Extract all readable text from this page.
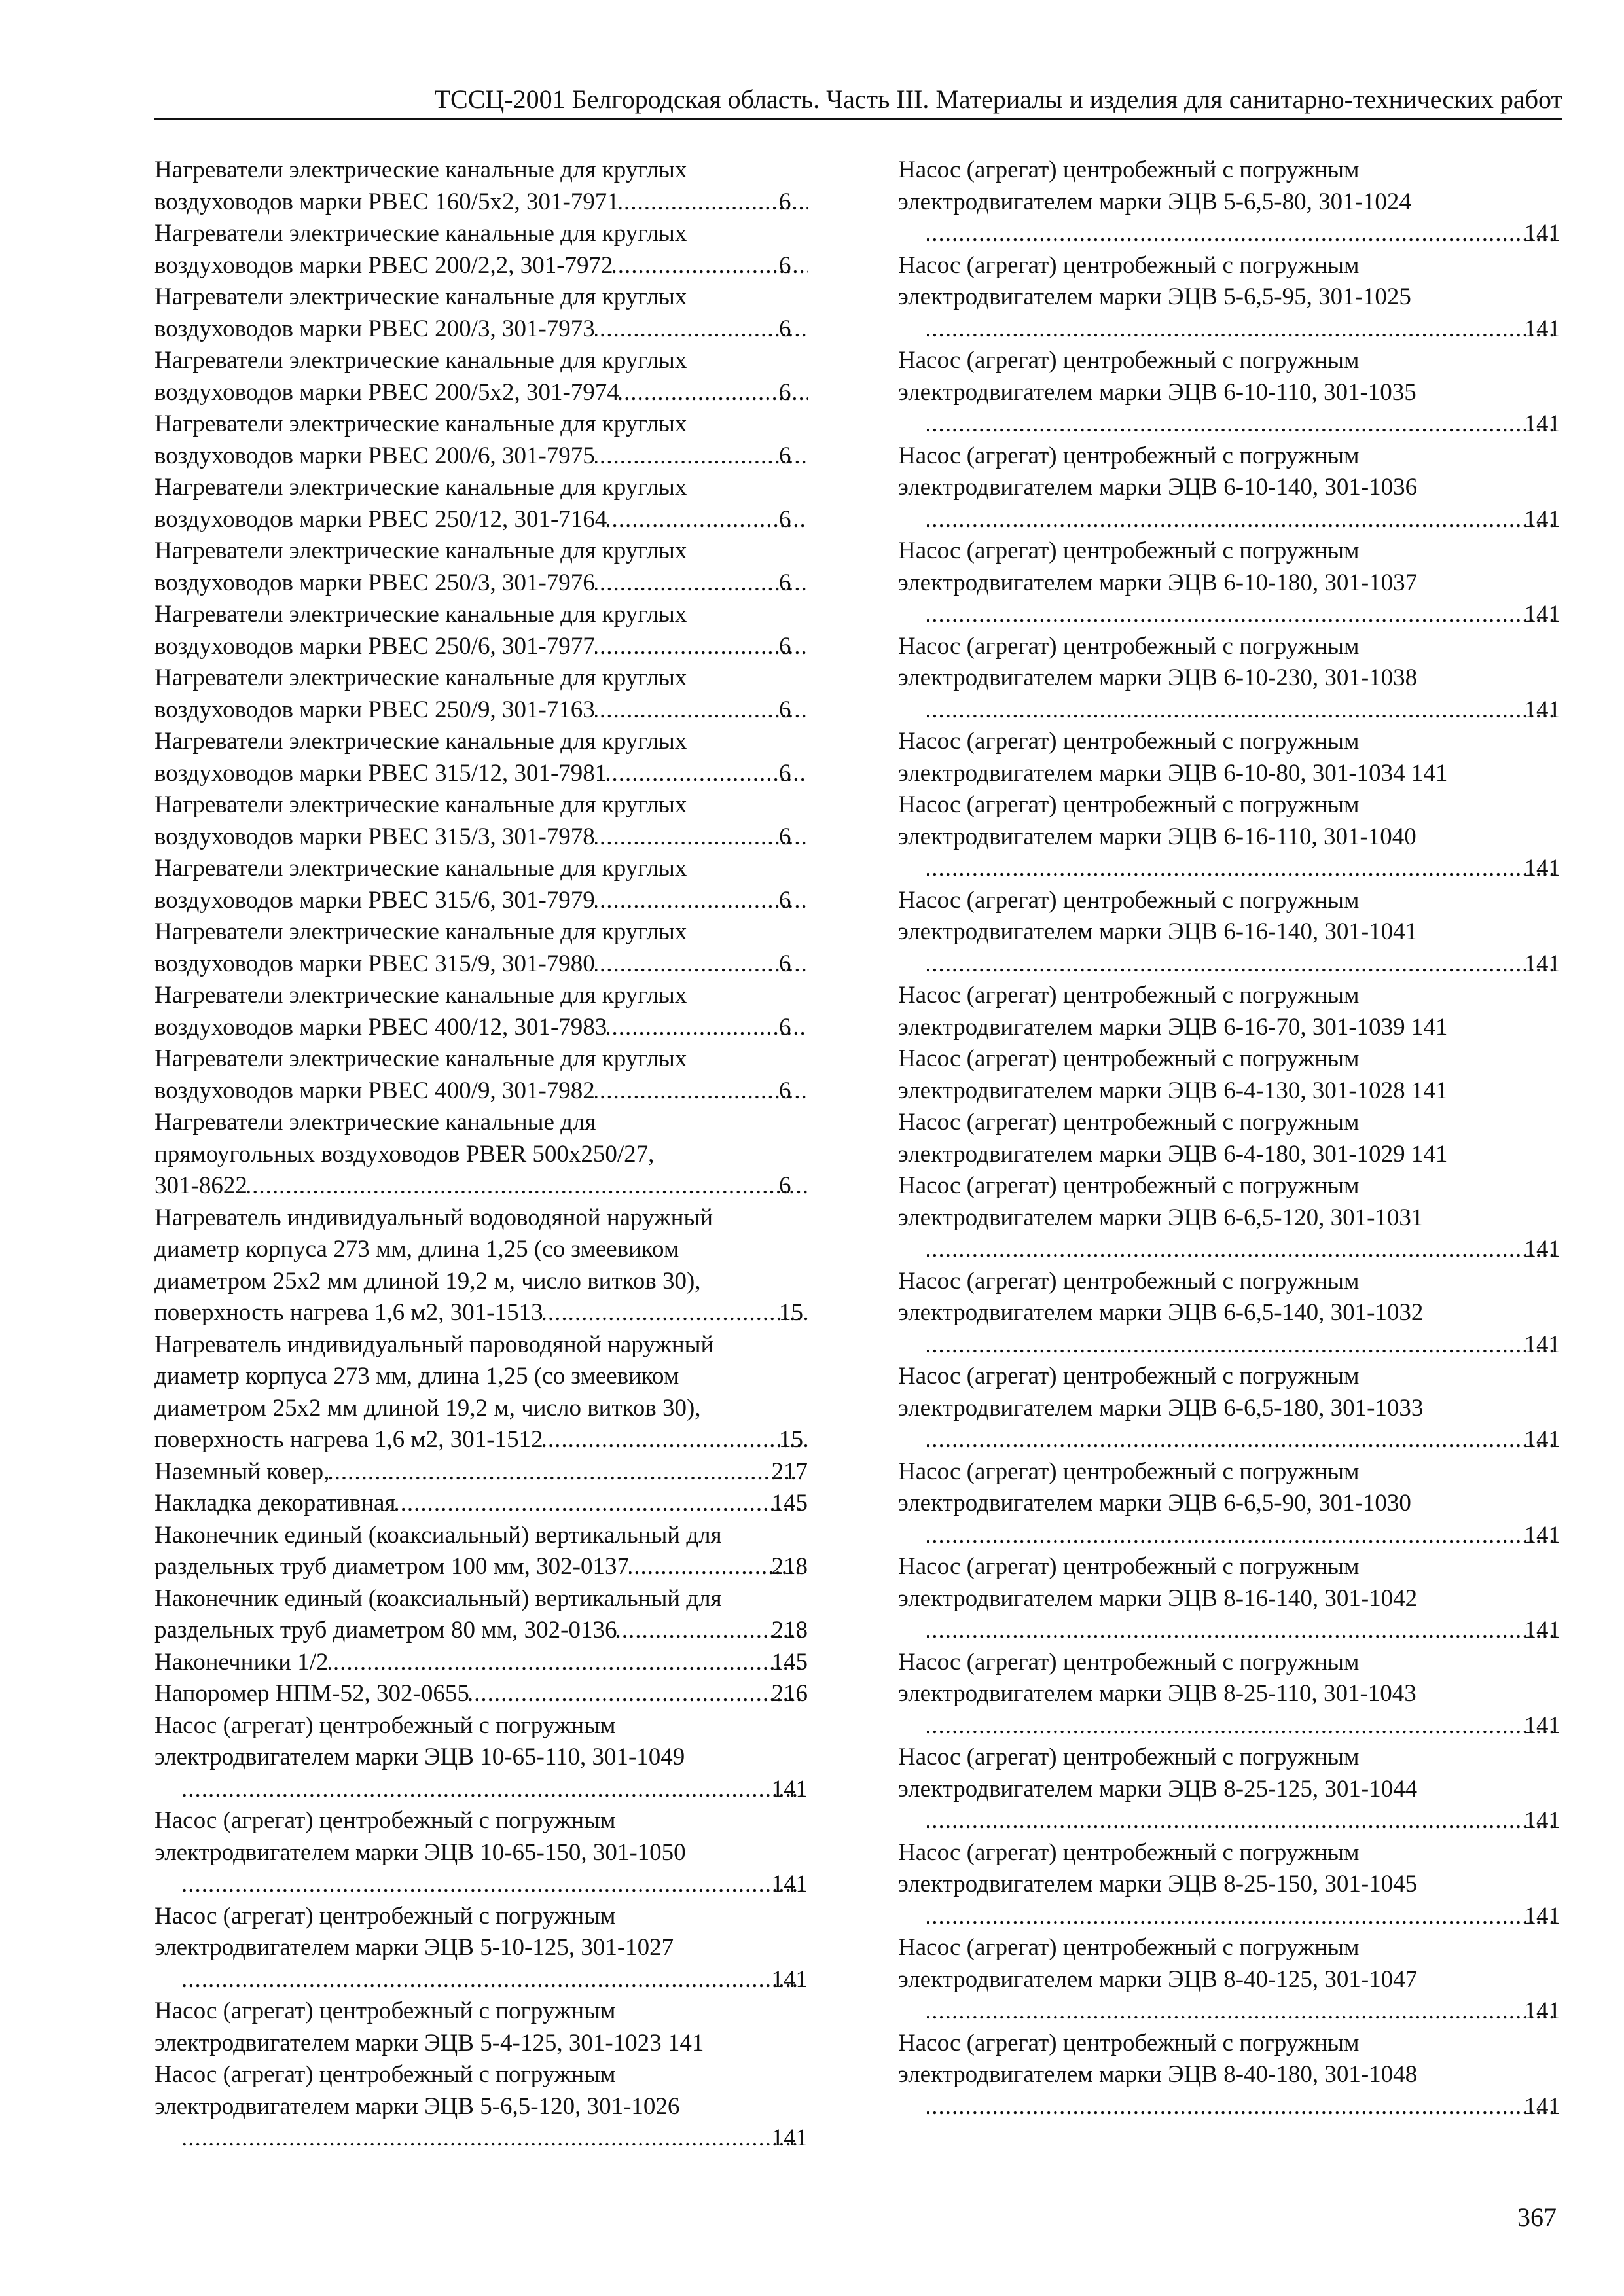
ТССЦ-2001 Белгородская область. Часть III. Материалы и изделия для санитарно-технических работ
Нагреватели электрические канальные для круглых
воздуховодов марки PBEC 160/5х2, 301-7971 .....	6
Нагреватели электрические канальные для круглых
воздуховодов марки PBEC 200/2,2, 301-7972 .....	6
Нагреватели электрические канальные для круглых
воздуховодов марки PBEC 200/3, 301-7973 .....	6
Нагреватели электрические канальные для круглых
воздуховодов марки PBEC 200/5х2, 301-7974 .....	6
Нагреватели электрические канальные для круглых
воздуховодов марки PBEC 200/6, 301-7975 .....	6
Нагреватели электрические канальные для круглых
воздуховодов марки PBEC 250/12, 301-7164 .....	6
Нагреватели электрические канальные для круглых
воздуховодов марки PBEC 250/3, 301-7976 .....	6
Нагреватели электрические канальные для круглых
воздуховодов марки PBEC 250/6, 301-7977 .....	6
Нагреватели электрические канальные для круглых
воздуховодов марки PBEC 250/9, 301-7163 .....	6
Нагреватели электрические канальные для круглых
воздуховодов марки PBEC 315/12, 301-7981 .....	6
Нагреватели электрические канальные для круглых
воздуховодов марки PBEC 315/3, 301-7978 .....	6
Нагреватели электрические канальные для круглых
воздуховодов марки PBEC 315/6, 301-7979 .....	6
Нагреватели электрические канальные для круглых
воздуховодов марки PBEC 315/9, 301-7980 .....	6
Нагреватели электрические канальные для круглых
воздуховодов марки PBEC 400/12, 301-7983 .....	6
Нагреватели электрические канальные для круглых
воздуховодов марки PBEC 400/9, 301-7982 .....	6
Нагреватели электрические канальные для
прямоугольных воздуховодов PBER 500х250/27,
301-8622 .....	6
Нагреватель индивидуальный водоводяной наружный
диаметр корпуса 273 мм, длина 1,25 (со змеевиком
диаметром 25х2 мм длиной 19,2 м, число витков 30),
поверхность нагрева 1,6 м2, 301-1513 .....	15
Нагреватель индивидуальный пароводяной наружный
диаметр корпуса 273 мм, длина 1,25 (со змеевиком
диаметром 25х2 мм длиной 19,2 м, число витков 30),
поверхность нагрева 1,6 м2, 301-1512 .....	15
Наземный ковер, .....	217
Накладка декоративная .....	145
Наконечник единый (коаксиальный) вертикальный для
раздельных труб диаметром 100 мм, 302-0137 .....	218
Наконечник единый (коаксиальный) вертикальный для
раздельных труб диаметром 80 мм, 302-0136 .....	218
Наконечники 1/2 .....	145
Напоромер НПМ-52, 302-0655 .....	216
Насос (агрегат) центробежный с погружным
электродвигателем марки ЭЦВ 10-65-110, 301-1049
.....
141
Насос (агрегат) центробежный с погружным
электродвигателем марки ЭЦВ 10-65-150, 301-1050
.....
141
Насос (агрегат) центробежный с погружным
электродвигателем марки ЭЦВ 5-10-125, 301-1027
.....
141
Насос (агрегат) центробежный с погружным
электродвигателем марки ЭЦВ 5-4-125, 301-1023 141
Насос (агрегат) центробежный с погружным
электродвигателем марки ЭЦВ 5-6,5-120, 301-1026
.....
141
Насос (агрегат) центробежный с погружным
электродвигателем марки ЭЦВ 5-6,5-80, 301-1024
.....
141
Насос (агрегат) центробежный с погружным
электродвигателем марки ЭЦВ 5-6,5-95, 301-1025
.....
141
Насос (агрегат) центробежный с погружным
электродвигателем марки ЭЦВ 6-10-110, 301-1035
.....
141
Насос (агрегат) центробежный с погружным
электродвигателем марки ЭЦВ 6-10-140, 301-1036
.....
141
Насос (агрегат) центробежный с погружным
электродвигателем марки ЭЦВ 6-10-180, 301-1037
.....
141
Насос (агрегат) центробежный с погружным
электродвигателем марки ЭЦВ 6-10-230, 301-1038
.....
141
Насос (агрегат) центробежный с погружным
электродвигателем марки ЭЦВ 6-10-80, 301-1034 141
Насос (агрегат) центробежный с погружным
электродвигателем марки ЭЦВ 6-16-110, 301-1040
.....
141
Насос (агрегат) центробежный с погружным
электродвигателем марки ЭЦВ 6-16-140, 301-1041
.....
141
Насос (агрегат) центробежный с погружным
электродвигателем марки ЭЦВ 6-16-70, 301-1039 141
Насос (агрегат) центробежный с погружным
электродвигателем марки ЭЦВ 6-4-130, 301-1028 141
Насос (агрегат) центробежный с погружным
электродвигателем марки ЭЦВ 6-4-180, 301-1029 141
Насос (агрегат) центробежный с погружным
электродвигателем марки ЭЦВ 6-6,5-120, 301-1031
.....
141
Насос (агрегат) центробежный с погружным
электродвигателем марки ЭЦВ 6-6,5-140, 301-1032
.....
141
Насос (агрегат) центробежный с погружным
электродвигателем марки ЭЦВ 6-6,5-180, 301-1033
.....
141
Насос (агрегат) центробежный с погружным
электродвигателем марки ЭЦВ 6-6,5-90, 301-1030
.....
141
Насос (агрегат) центробежный с погружным
электродвигателем марки ЭЦВ 8-16-140, 301-1042
.....
141
Насос (агрегат) центробежный с погружным
электродвигателем марки ЭЦВ 8-25-110, 301-1043
.....
141
Насос (агрегат) центробежный с погружным
электродвигателем марки ЭЦВ 8-25-125, 301-1044
.....
141
Насос (агрегат) центробежный с погружным
электродвигателем марки ЭЦВ 8-25-150, 301-1045
.....
141
Насос (агрегат) центробежный с погружным
электродвигателем марки ЭЦВ 8-40-125, 301-1047
.....
141
Насос (агрегат) центробежный с погружным
электродвигателем марки ЭЦВ 8-40-180, 301-1048
.....
141
367
